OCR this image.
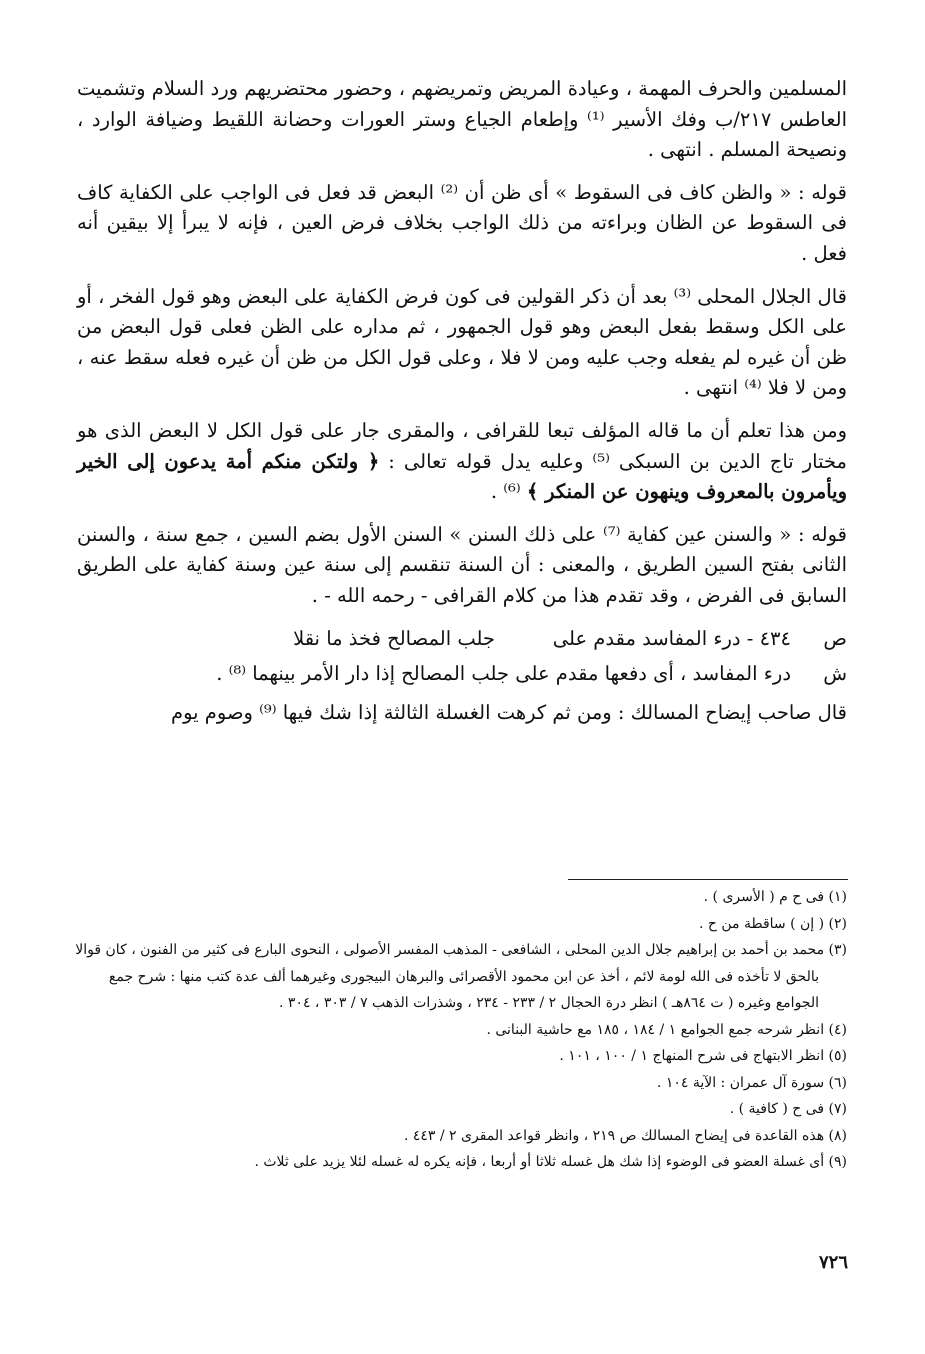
المسلمين والحرف المهمة ، وعيادة المريض وتمريضهم ، وحضور محتضريهم ورد السلام وتشميت العاطس ٢١٧/ب وفك الأسير ⁽¹⁾ وإطعام الجياع وستر العورات وحضانة اللقيط وضيافة الوارد ، ونصيحة المسلم . انتهى .

قوله : « والظن كاف فى السقوط » أى ظن أن ⁽²⁾ البعض قد فعل فى الواجب على الكفاية كاف فى السقوط عن الظان وبراءته من ذلك الواجب بخلاف فرض العين ، فإنه لا يبرأ إلا بيقين أنه فعل .

قال الجلال المحلى ⁽³⁾ بعد أن ذكر القولين فى كون فرض الكفاية على البعض وهو قول الفخر ، أو على الكل وسقط بفعل البعض وهو قول الجمهور ، ثم مداره على الظن فعلى قول البعض من ظن أن غيره لم يفعله وجب عليه ومن لا فلا ، وعلى قول الكل من ظن أن غيره فعله سقط عنه ، ومن لا فلا ⁽⁴⁾ انتهى .

ومن هذا تعلم أن ما قاله المؤلف تبعا للقرافى ، والمقرى جار على قول الكل لا البعض الذى هو مختار تاج الدين بن السبكى ⁽⁵⁾ وعليه يدل قوله تعالى : ﴿ ولتكن منكم أمة يدعون إلى الخير ويأمرون بالمعروف وينهون عن المنكر ﴾ ⁽⁶⁾ .

قوله : « والسنن عين كفاية ⁽⁷⁾ على ذلك السنن » السنن الأول بضم السين ، جمع سنة ، والسنن الثانى بفتح السين الطريق ، والمعنى : أن السنة تنقسم إلى سنة عين وسنة كفاية على الطريق السابق فى الفرض ، وقد تقدم هذا من كلام القرافى - رحمه الله - .

ص
٤٣٤ - درء المفاسد مقدم على
جلب المصالح فخذ ما نقلا
ش
درء المفاسد ، أى دفعها مقدم على جلب المصالح إذا دار الأمر بينهما ⁽⁸⁾ .

قال صاحب إيضاح المسالك : ومن ثم كرهت الغسلة الثالثة إذا شك فيها ⁽⁹⁾ وصوم يوم

(١) فى ح م ( الأسرى ) .

(٢) ( إن ) ساقطة من ح .

(٣) محمد بن أحمد بن إبراهيم جلال الدين المحلى ، الشافعى - المذهب المفسر الأصولى ، النحوى البارع فى كثير من الفنون ، كان قوالا بالحق لا تأخذه فى الله لومة لائم ، أخذ عن ابن محمود الأقصرائى والبرهان البيجورى وغيرهما ألف عدة كتب منها : شرح جمع الجوامع وغيره ( ت ٨٦٤هـ ) انظر درة الحجال ٢ / ٢٣٣ - ٢٣٤ ، وشذرات الذهب ٧ / ٣٠٣ ، ٣٠٤ .

(٤) انظر شرحه جمع الجوامع ١ / ١٨٤ ، ١٨٥ مع حاشية البنانى .

(٥) انظر الابتهاج فى شرح المنهاج ١ / ١٠٠ ، ١٠١ .

(٦) سورة آل عمران : الآية ١٠٤ .

(٧) فى ح ( كافية ) .

(٨) هذه القاعدة فى إيضاح المسالك ص ٢١٩ ، وانظر قواعد المقرى ٢ / ٤٤٣ .

(٩) أى غسلة العضو فى الوضوء إذا شك هل غسله ثلاثا أو أربعا ، فإنه يكره له غسله لئلا يزيد على ثلاث .

٧٢٦
